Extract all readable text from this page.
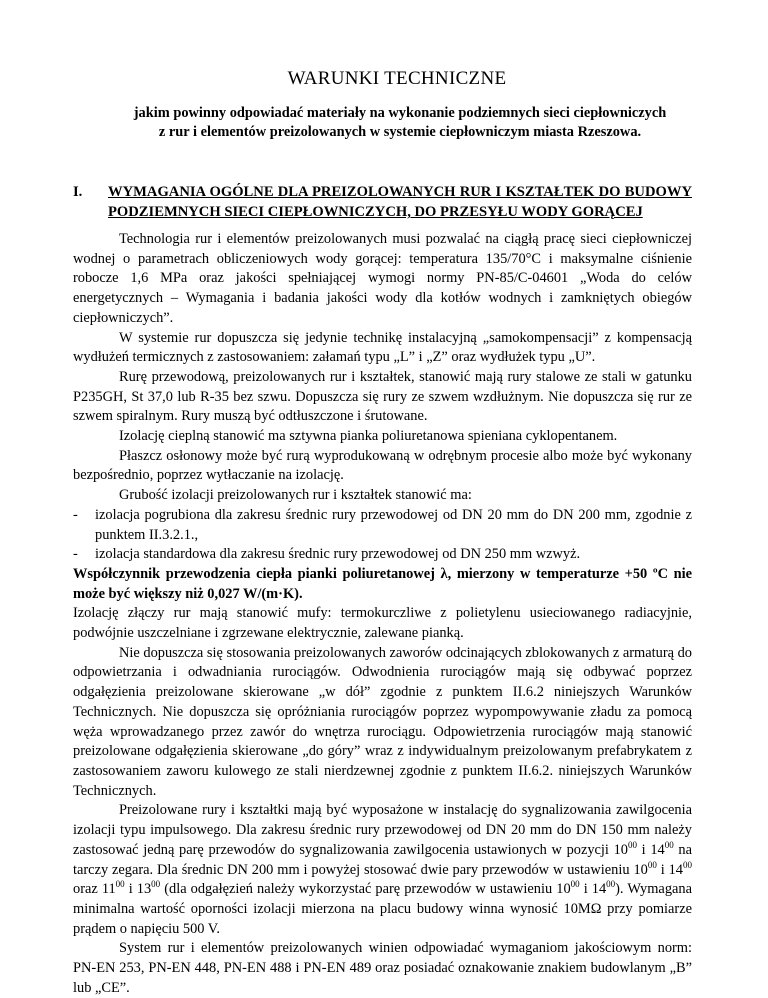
WARUNKI TECHNICZNE
jakim powinny odpowiadać materiały na wykonanie podziemnych sieci ciepłowniczych
z rur i elementów preizolowanych w systemie ciepłowniczym miasta Rzeszowa.
I. WYMAGANIA OGÓLNE DLA PREIZOLOWANYCH RUR I KSZTAŁTEK DO BUDOWY PODZIEMNYCH SIECI CIEPŁOWNICZYCH, DO PRZESYŁU WODY GORĄCEJ

Technologia rur i elementów preizolowanych musi pozwalać na ciągłą pracę sieci ciepłowniczej wodnej o parametrach obliczeniowych wody gorącej: temperatura 135/70°C i maksymalne ciśnienie robocze 1,6 MPa oraz jakości spełniającej wymogi normy PN-85/C-04601 „Woda do celów energetycznych – Wymagania i badania jakości wody dla kotłów wodnych i zamkniętych obiegów ciepłowniczych”.

W systemie rur dopuszcza się jedynie technikę instalacyjną „samokompensacji” z kompensacją wydłużeń termicznych z zastosowaniem: załamań typu „L” i „Z” oraz wydłużek typu „U”.

Rurę przewodową, preizolowanych rur i kształtek, stanowić mają rury stalowe ze stali w gatunku P235GH, St 37,0 lub R-35 bez szwu. Dopuszcza się rury ze szwem wzdłużnym. Nie dopuszcza się rur ze szwem spiralnym. Rury muszą być odtłuszczone i śrutowane.

Izolację cieplną stanowić ma sztywna pianka poliuretanowa spieniana cyklopentanem.

Płaszcz osłonowy może być rurą wyprodukowaną w odrębnym procesie albo może być wykonany bezpośrednio, poprzez wytłaczanie na izolację.

Grubość izolacji preizolowanych rur i kształtek stanowić ma:

- izolacja pogrubiona dla zakresu średnic rury przewodowej od DN 20 mm do DN 200 mm, zgodnie z punktem II.3.2.1.,
- izolacja standardowa dla zakresu średnic rury przewodowej od DN 250 mm wzwyż.

Współczynnik przewodzenia ciepła pianki poliuretanowej λ, mierzony w temperaturze +50 ºC nie może być większy niż 0,027 W/(m·K).

Izolację złączy rur mają stanowić mufy: termokurczliwe z polietylenu usieciowanego radiacyjnie, podwójnie uszczelniane i zgrzewane elektrycznie, zalewane pianką.

Nie dopuszcza się stosowania preizolowanych zaworów odcinających zblokowanych z armaturą do odpowietrzania i odwadniania rurociągów. Odwodnienia rurociągów mają się odbywać poprzez odgałęzienia preizolowane skierowane „w dół” zgodnie z punktem II.6.2 niniejszych Warunków Technicznych. Nie dopuszcza się opróżniania rurociągów poprzez wypompowywanie zładu za pomocą węża wprowadzanego przez zawór do wnętrza rurociągu. Odpowietrzenia rurociągów mają stanowić preizolowane odgałęzienia skierowane „do góry” wraz z indywidualnym preizolowanym prefabrykatem z zastosowaniem zaworu kulowego ze stali nierdzewnej zgodnie z punktem II.6.2. niniejszych Warunków Technicznych.

Preizolowane rury i kształtki mają być wyposażone w instalację do sygnalizowania zawilgocenia izolacji typu impulsowego. Dla zakresu średnic rury przewodowej od DN 20 mm do DN 150 mm należy zastosować jedną parę przewodów do sygnalizowania zawilgocenia ustawionych w pozycji $10^{00}$ i $14^{00}$ na tarczy zegara. Dla średnic DN 200 mm i powyżej stosować dwie pary przewodów w ustawieniu $10^{00}$ i $14^{00}$ oraz $11^{00}$ i $13^{00}$ (dla odgałęzień należy wykorzystać parę przewodów w ustawieniu $10^{00}$ i $14^{00}$). Wymagana minimalna wartość oporności izolacji mierzona na placu budowy winna wynosić 10MΩ przy pomiarze prądem o napięciu 500 V.

System rur i elementów preizolowanych winien odpowiadać wymaganiom jakościowym norm: PN-EN 253, PN-EN 448, PN-EN 488 i PN-EN 489 oraz posiadać oznakowanie znakiem budowlanym „B” lub „CE”.
